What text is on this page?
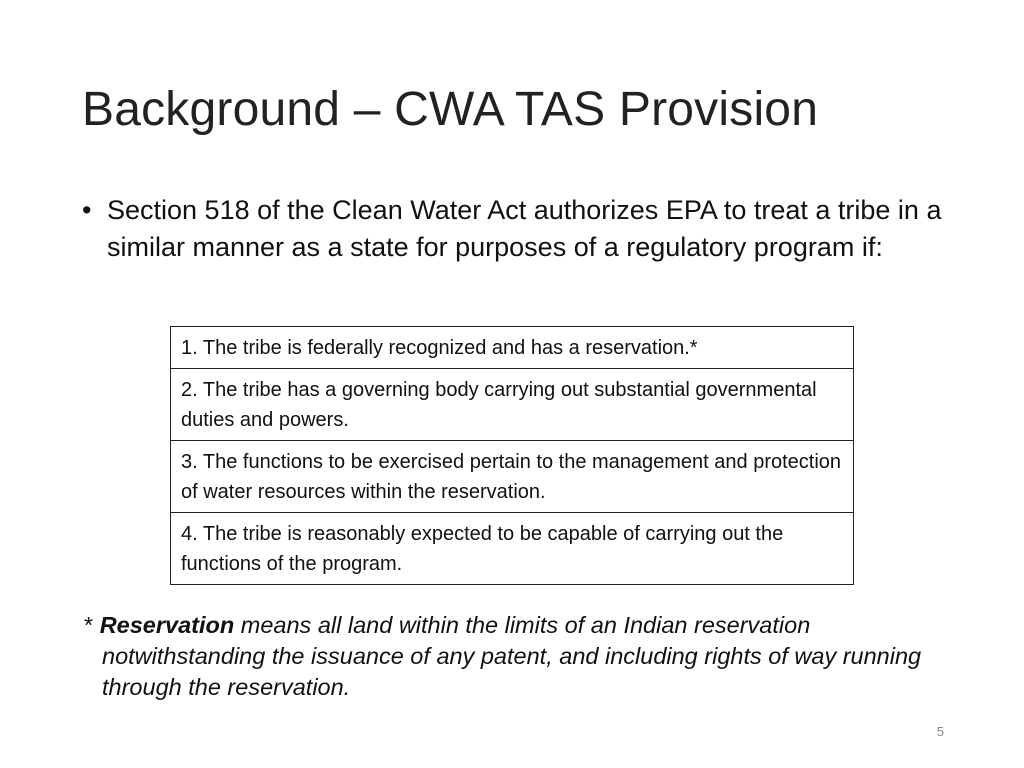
Background – CWA TAS Provision
• Section 518 of the Clean Water Act authorizes EPA to treat a tribe in a similar manner as a state for purposes of a regulatory program if:
1. The tribe is federally recognized and has a reservation.*
2. The tribe has a governing body carrying out substantial governmental duties and powers.
3. The functions to be exercised pertain to the management and protection of water resources within the reservation.
4. The tribe is reasonably expected to be capable of carrying out the functions of the program.
* Reservation means all land within the limits of an Indian reservation notwithstanding the issuance of any patent, and including rights of way running through the reservation.
5
